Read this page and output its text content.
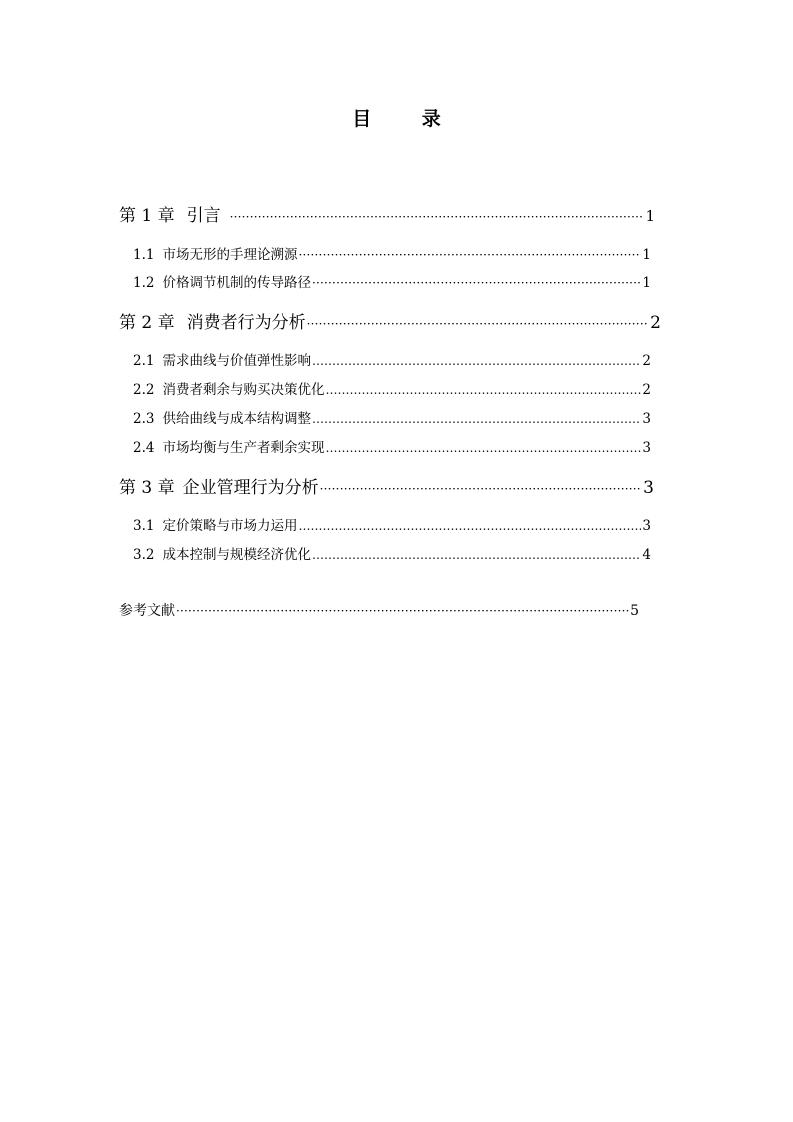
目 录
第 1 章 引言 ·····	1
1.1 市场无形的手理论溯源 ·····	1
1.2 价格调节机制的传导路径 ·····	1
第 2 章 消费者行为分析 ·····	2
2.1 需求曲线与价值弹性影响 …………………………………………………………………………………………………………………………………………	2
2.2 消费者剩余与购买决策优化 …………………………………………………………………………………………………………………………………………	2
2.3 供给曲线与成本结构调整 …………………………………………………………………………………………………………………………………………	3
2.4 市场均衡与生产者剩余实现 …………………………………………………………………………………………………………………………………………	3
第 3 章 企业管理行为分析 ·····	3
3.1 定价策略与市场力运用 …………………………………………………………………………………………………………………………………………	3
3.2 成本控制与规模经济优化 …………………………………………………………………………………………………………………………………………	4
参考文献 ·····	5
